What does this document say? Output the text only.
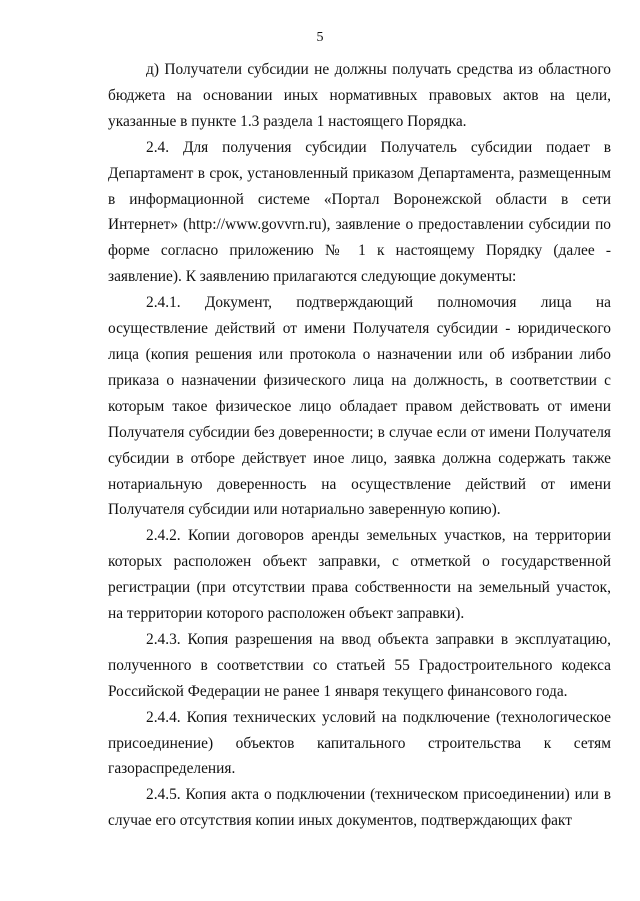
5

д) Получатели субсидии не должны получать средства из областного бюджета на основании иных нормативных правовых актов на цели, указанные в пункте 1.3 раздела 1 настоящего Порядка.

2.4. Для получения субсидии Получатель субсидии подает в Департамент в срок, установленный приказом Департамента, размещенным в информационной системе «Портал Воронежской области в сети Интернет» (http://www.govvrn.ru), заявление о предоставлении субсидии по форме согласно приложению № 1 к настоящему Порядку (далее - заявление). К заявлению прилагаются следующие документы:

2.4.1. Документ, подтверждающий полномочия лица на осуществление действий от имени Получателя субсидии - юридического лица (копия решения или протокола о назначении или об избрании либо приказа о назначении физического лица на должность, в соответствии с которым такое физическое лицо обладает правом действовать от имени Получателя субсидии без доверенности; в случае если от имени Получателя субсидии в отборе действует иное лицо, заявка должна содержать также нотариальную доверенность на осуществление действий от имени Получателя субсидии или нотариально заверенную копию).

2.4.2. Копии договоров аренды земельных участков, на территории которых расположен объект заправки, с отметкой о государственной регистрации (при отсутствии права собственности на земельный участок, на территории которого расположен объект заправки).

2.4.3. Копия разрешения на ввод объекта заправки в эксплуатацию, полученного в соответствии со статьей 55 Градостроительного кодекса Российской Федерации не ранее 1 января текущего финансового года.

2.4.4. Копия технических условий на подключение (технологическое присоединение) объектов капитального строительства к сетям газораспределения.

2.4.5. Копия акта о подключении (техническом присоединении) или в случае его отсутствия копии иных документов, подтверждающих факт
